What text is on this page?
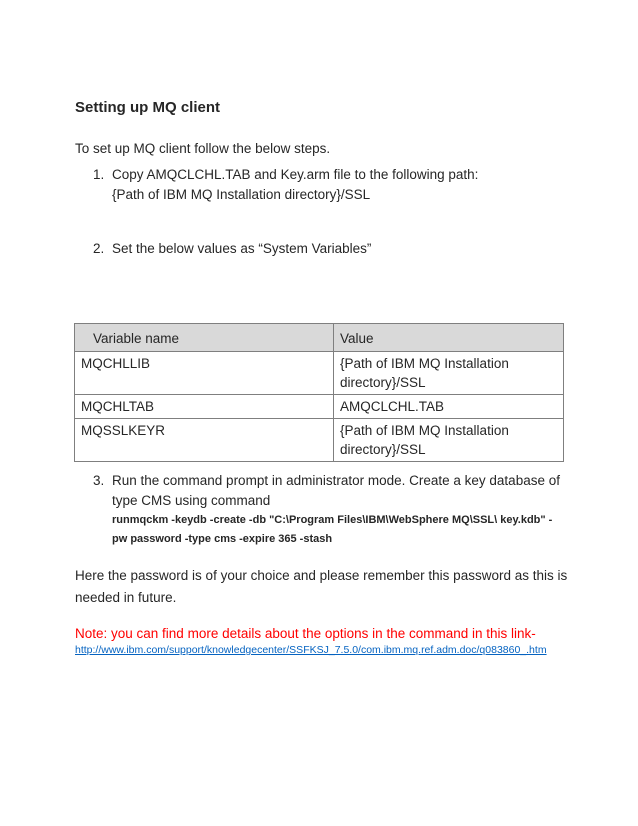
Setting up MQ client
To set up MQ client follow the below steps.
1. Copy AMQCLCHL.TAB and Key.arm file to the following path:
{Path of IBM MQ Installation directory}/SSL
2. Set the below values as “System Variables”
Variable name	Value
MQCHLLIB	{Path of IBM MQ Installation
directory}/SSL

MQCHLTAB	AMQCLCHL.TAB

MQSSLKEYR	{Path of IBM MQ Installation
directory}/SSL
3. Run the command prompt in administrator mode. Create a key database of
type CMS using command
runmqckm -keydb -create -db "C:\Program Files\IBM\WebSphere MQ\SSL\ key.kdb" -
pw password -type cms -expire 365 -stash
Here the password is of your choice and please remember this password as this is
needed in future.
Note: you can find more details about the options in the command in this link-
http://www.ibm.com/support/knowledgecenter/SSFKSJ_7.5.0/com.ibm.mq.ref.adm.doc/q083860_.htm
